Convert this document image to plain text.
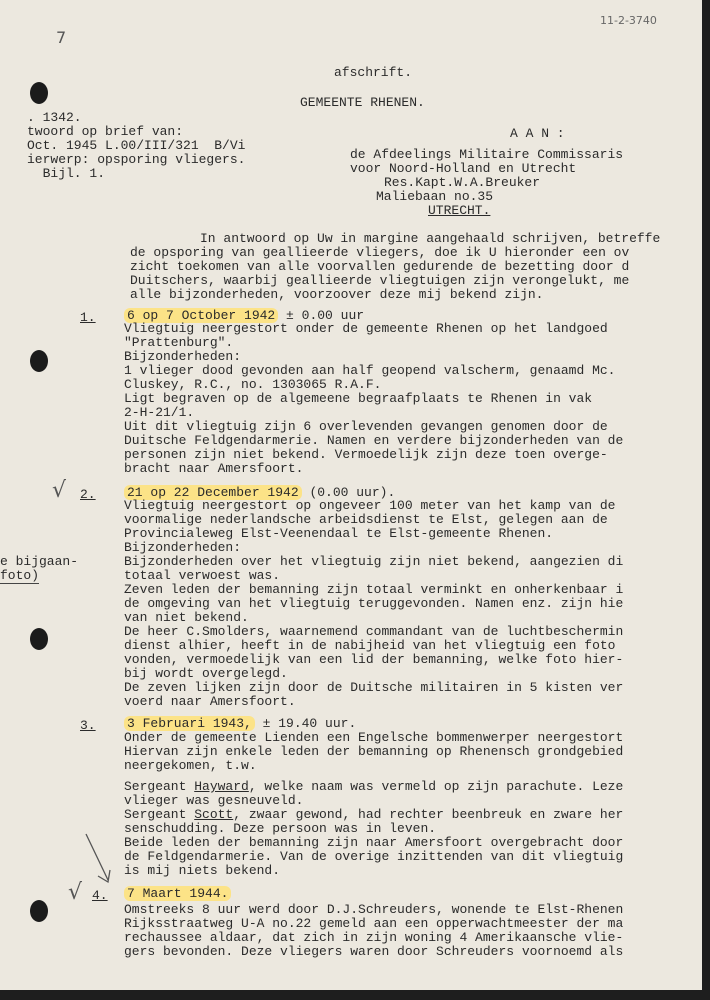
11-2-3740
7
afschrift.
GEMEENTE RHENEN.
. 1342.
twoord op brief van:
Oct. 1945 L.00/III/321  B/Vi
ierwerp: opsporing vliegers.
Bijl. 1.
A A N :
de Afdeelings Militaire Commissaris
voor Noord-Holland en Utrecht
Res.Kapt.W.A.Breuker
Maliebaan no.35
UTRECHT.
In antwoord op Uw in margine aangehaald schrijven, betreffe
de opsporing van geallieerde vliegers, doe ik U hieronder een ov
zicht toekomen van alle voorvallen gedurende de bezetting door d
Duitschers, waarbij geallieerde vliegtuigen zijn verongelukt, me
alle bijzonderheden, voorzoover deze mij bekend zijn.
1. 6 op 7 October 1942 ± 0.00 uur
Vliegtuig neergestort onder de gemeente Rhenen op het landgoed
"Prattenburg".
Bijzonderheden:
1 vlieger dood gevonden aan half geopend valscherm, genaamd Mc.
Cluskey, R.C., no. 1303065 R.A.F.
Ligt begraven op de algemeene begraafplaats te Rhenen in vak
2-H-21/1.
Uit dit vliegtuig zijn 6 overlevenden gevangen genomen door de
Duitsche Feldgendarmerie. Namen en verdere bijzonderheden van de
personen zijn niet bekend. Vermoedelijk zijn deze toen overge-
bracht naar Amersfoort.
√ 2. 21 op 22 December 1942 (0.00 uur).
Vliegtuig neergestort op ongeveer 100 meter van het kamp van de
voormalige nederlandsche arbeidsdienst te Elst, gelegen aan de
Provincialeweg Elst-Veenendaal te Elst-gemeente Rhenen.
Bijzonderheden:
Bijzonderheden over het vliegtuig zijn niet bekend, aangezien di
totaal verwoest was.
Zeven leden der bemanning zijn totaal verminkt en onherkenbaar i
de omgeving van het vliegtuig teruggevonden. Namen enz. zijn hie
van niet bekend.
De heer C.Smolders, waarnemend commandant van de luchtbeschermin
dienst alhier, heeft in de nabijheid van het vliegtuig een foto
vonden, vermoedelijk van een lid der bemanning, welke foto hier-
bij wordt overgelegd.
De zeven lijken zijn door de Duitsche militairen in 5 kisten ver
voerd naar Amersfoort.
e bijgaan-
foto)
3. 3 Februari 1943, ± 19.40 uur.
Onder de gemeente Lienden een Engelsche bommenwerper neergestort
Hiervan zijn enkele leden der bemanning op Rhenensch grondgebied
neergekomen, t.w.
Sergeant Hayward, welke naam was vermeld op zijn parachute. Leze
vlieger was gesneuveld.
Sergeant Scott, zwaar gewond, had rechter beenbreuk en zware her
senschudding. Deze persoon was in leven.
Beide leden der bemanning zijn naar Amersfoort overgebracht door
de Feldgendarmerie. Van de overige inzittenden van dit vliegtuig
is mij niets bekend.
√ 4. 7 Maart 1944.
Omstreeks 8 uur werd door D.J.Schreuders, wonende te Elst-Rhenen
Rijksstraatweg U-A no.22 gemeld aan een opperwachtmeester der ma
rechaussee aldaar, dat zich in zijn woning 4 Amerikaansche vlie-
gers bevonden. Deze vliegers waren door Schreuders voornoemd als
